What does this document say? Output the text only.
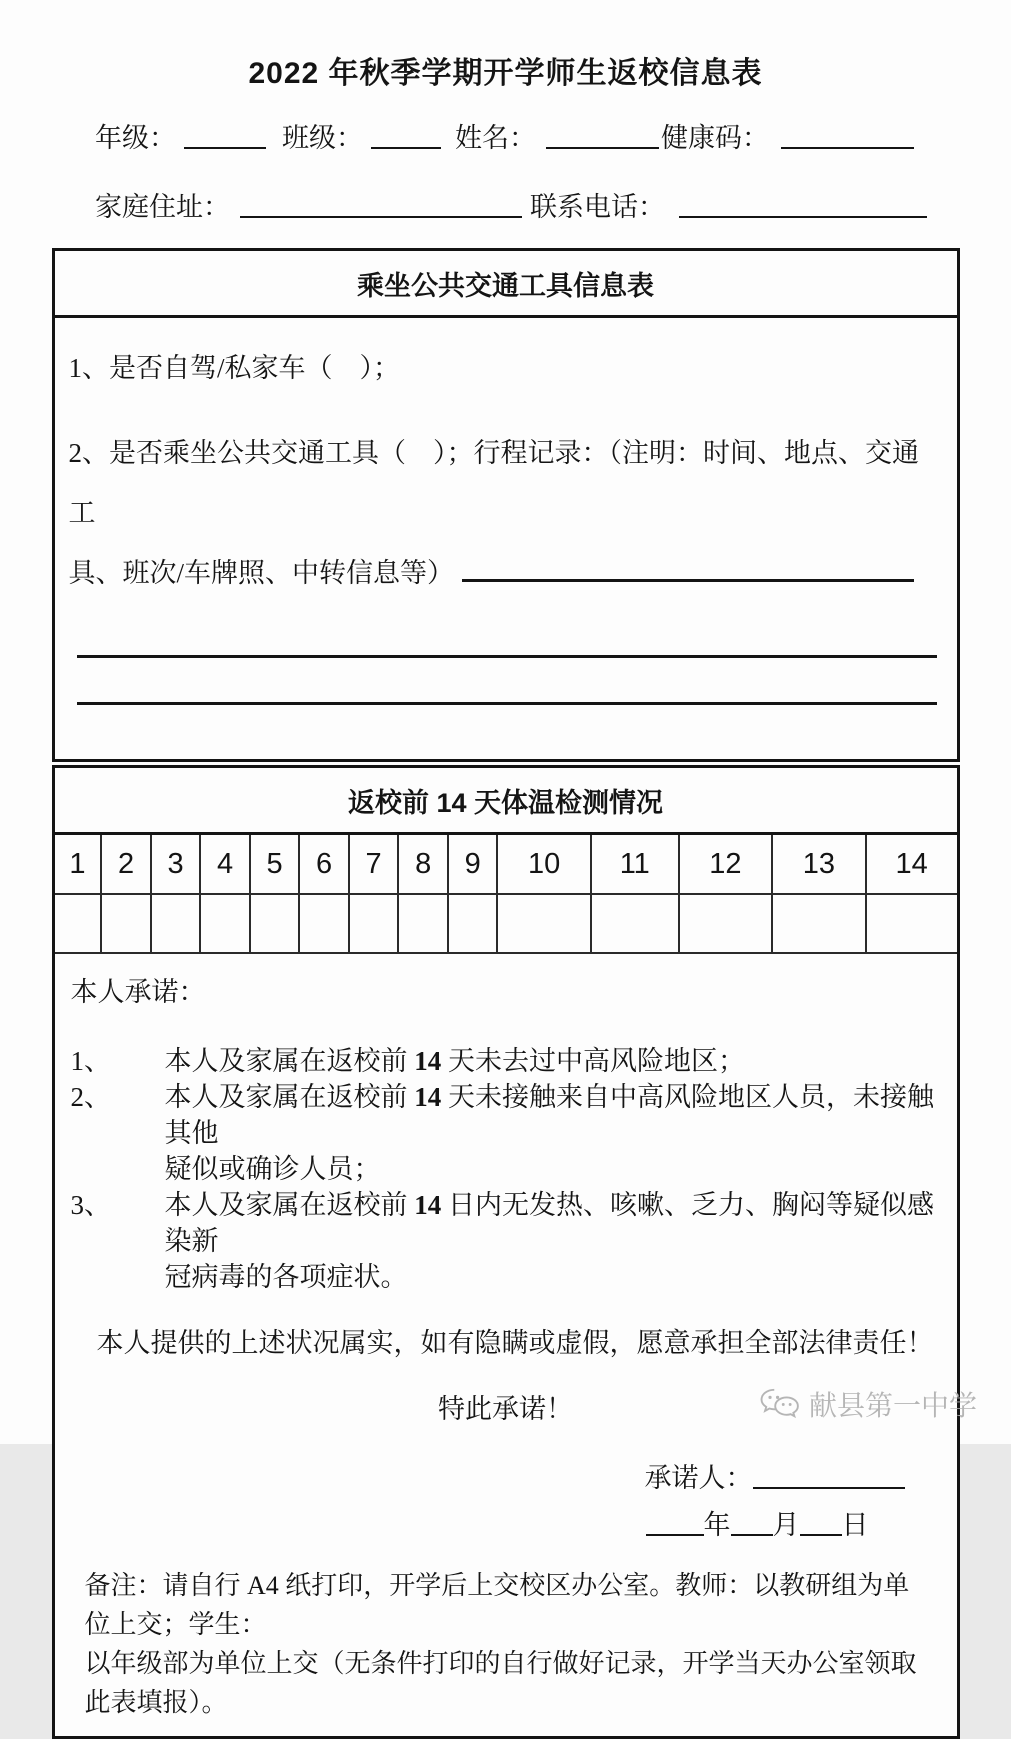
2022 年秋季学期开学师生返校信息表
年级：	班级：	姓名：	健康码：
家庭住址：	联系电话：
乘坐公共交通工具信息表
1、是否自驾/私家车（　）；
2、是否乘坐公共交通工具（　）；行程记录：（注明：时间、地点、交通工
具、班次/车牌照、中转信息等）
返校前 14 天体温检测情况
1	2	3	4	5	6	7	8	9	10	11	12	13	14

本人承诺：
1、	本人及家属在返校前 14 天未去过中高风险地区；
2、	本人及家属在返校前 14 天未接触来自中高风险地区人员，未接触其他
疑似或确诊人员；
3、	本人及家属在返校前 14 日内无发热、咳嗽、乏力、胸闷等疑似感染新
冠病毒的各项症状。
本人提供的上述状况属实，如有隐瞒或虚假，愿意承担全部法律责任！
特此承诺！
承诺人：
年 月 日
备注：请自行 A4 纸打印，开学后上交校区办公室。教师：以教研组为单位上交；学生：
以年级部为单位上交（无条件打印的自行做好记录，开学当天办公室领取此表填报）。
献县第一中学
